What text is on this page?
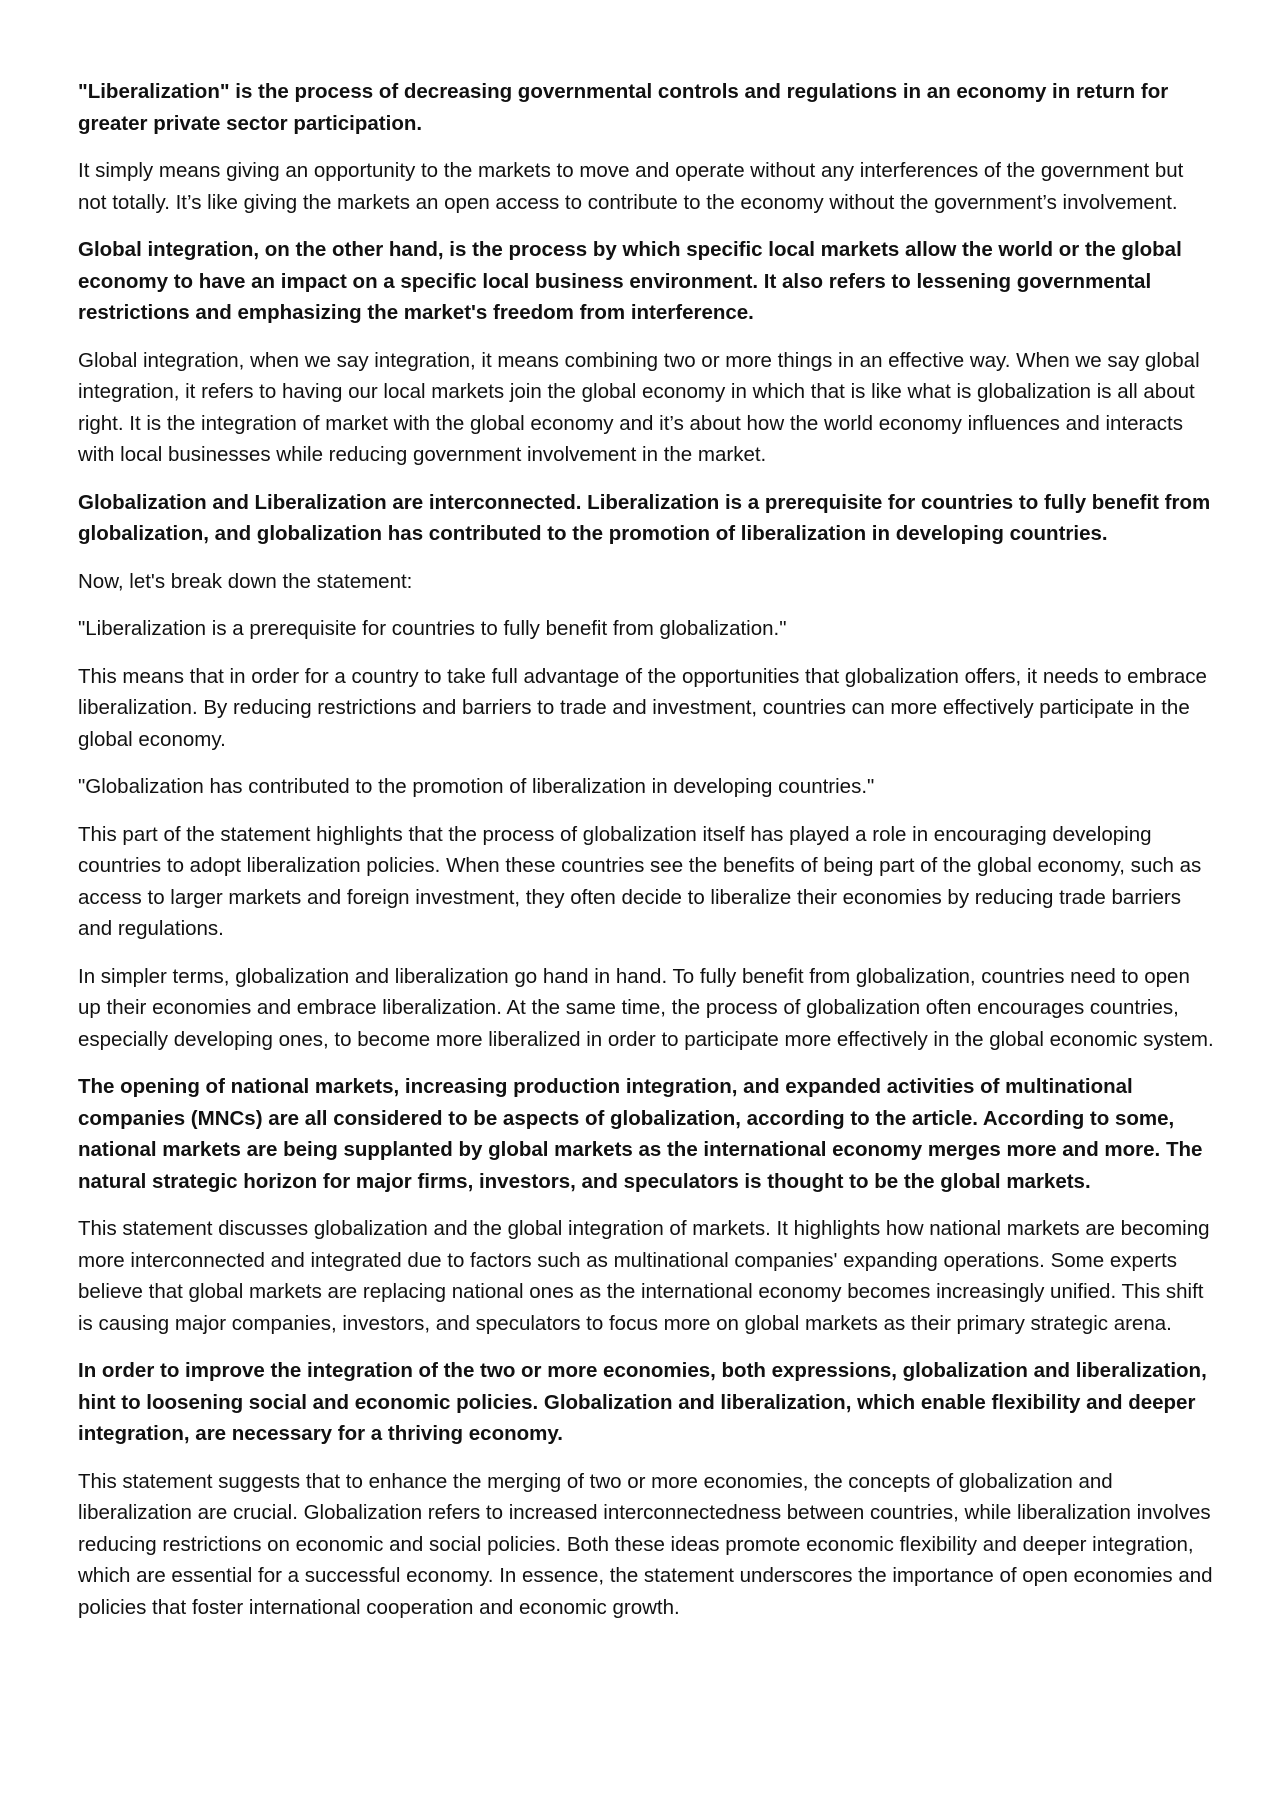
"Liberalization" is the process of decreasing governmental controls and regulations in an economy in return for greater private sector participation.

It simply means giving an opportunity to the markets to move and operate without any interferences of the government but not totally. It’s like giving the markets an open access to contribute to the economy without the government’s involvement.

Global integration, on the other hand, is the process by which specific local markets allow the world or the global economy to have an impact on a specific local business environment. It also refers to lessening governmental restrictions and emphasizing the market's freedom from interference.

Global integration, when we say integration, it means combining two or more things in an effective way. When we say global integration, it refers to having our local markets join the global economy in which that is like what is globalization is all about right. It is the integration of market with the global economy and it’s about how the world economy influences and interacts with local businesses while reducing government involvement in the market.

Globalization and Liberalization are interconnected. Liberalization is a prerequisite for countries to fully benefit from globalization, and globalization has contributed to the promotion of liberalization in developing countries.

Now, let's break down the statement:

"Liberalization is a prerequisite for countries to fully benefit from globalization."

This means that in order for a country to take full advantage of the opportunities that globalization offers, it needs to embrace liberalization. By reducing restrictions and barriers to trade and investment, countries can more effectively participate in the global economy.

"Globalization has contributed to the promotion of liberalization in developing countries."

This part of the statement highlights that the process of globalization itself has played a role in encouraging developing countries to adopt liberalization policies. When these countries see the benefits of being part of the global economy, such as access to larger markets and foreign investment, they often decide to liberalize their economies by reducing trade barriers and regulations.

In simpler terms, globalization and liberalization go hand in hand. To fully benefit from globalization, countries need to open up their economies and embrace liberalization. At the same time, the process of globalization often encourages countries, especially developing ones, to become more liberalized in order to participate more effectively in the global economic system.

The opening of national markets, increasing production integration, and expanded activities of multinational companies (MNCs) are all considered to be aspects of globalization, according to the article. According to some, national markets are being supplanted by global markets as the international economy merges more and more. The natural strategic horizon for major firms, investors, and speculators is thought to be the global markets.

This statement discusses globalization and the global integration of markets. It highlights how national markets are becoming more interconnected and integrated due to factors such as multinational companies' expanding operations. Some experts believe that global markets are replacing national ones as the international economy becomes increasingly unified. This shift is causing major companies, investors, and speculators to focus more on global markets as their primary strategic arena.

In order to improve the integration of the two or more economies, both expressions, globalization and liberalization, hint to loosening social and economic policies. Globalization and liberalization, which enable flexibility and deeper integration, are necessary for a thriving economy.

This statement suggests that to enhance the merging of two or more economies, the concepts of globalization and liberalization are crucial. Globalization refers to increased interconnectedness between countries, while liberalization involves reducing restrictions on economic and social policies. Both these ideas promote economic flexibility and deeper integration, which are essential for a successful economy. In essence, the statement underscores the importance of open economies and policies that foster international cooperation and economic growth.
